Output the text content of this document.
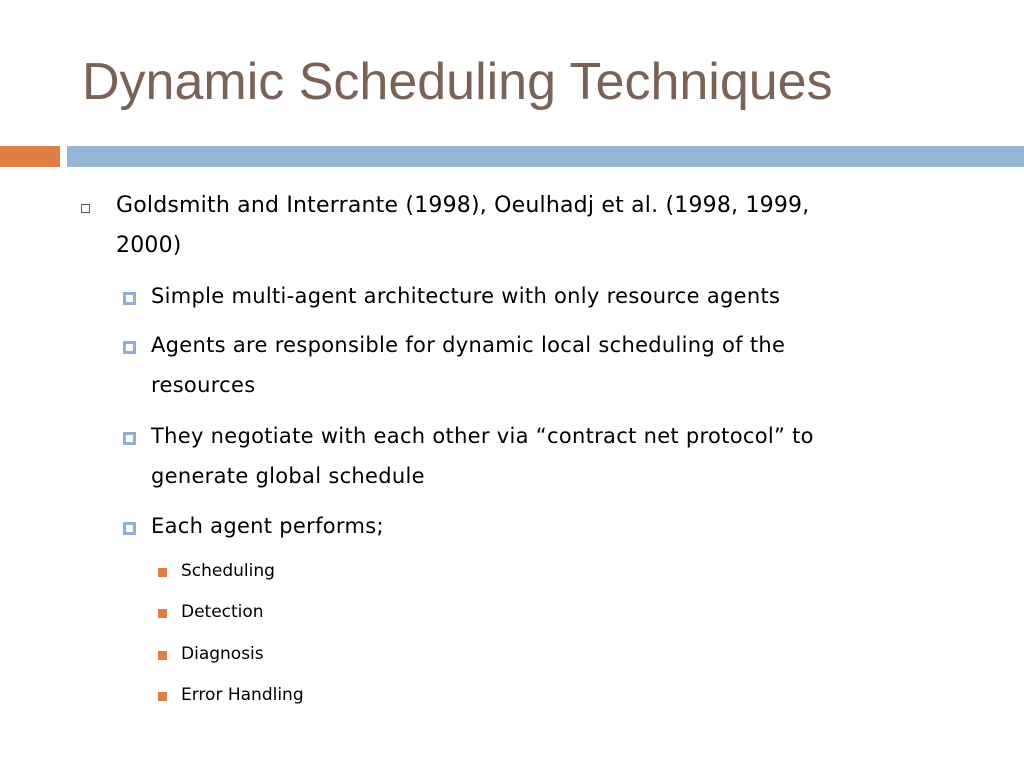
Dynamic Scheduling Techniques
Goldsmith and Interrante (1998), Oeulhadj et al. (1998, 1999,
2000)
Simple multi-agent architecture with only resource agents
Agents are responsible for dynamic local scheduling of the
resources
They negotiate with each other via “contract net protocol” to
generate global schedule
Each agent performs;
Scheduling
Detection
Diagnosis
Error Handling
